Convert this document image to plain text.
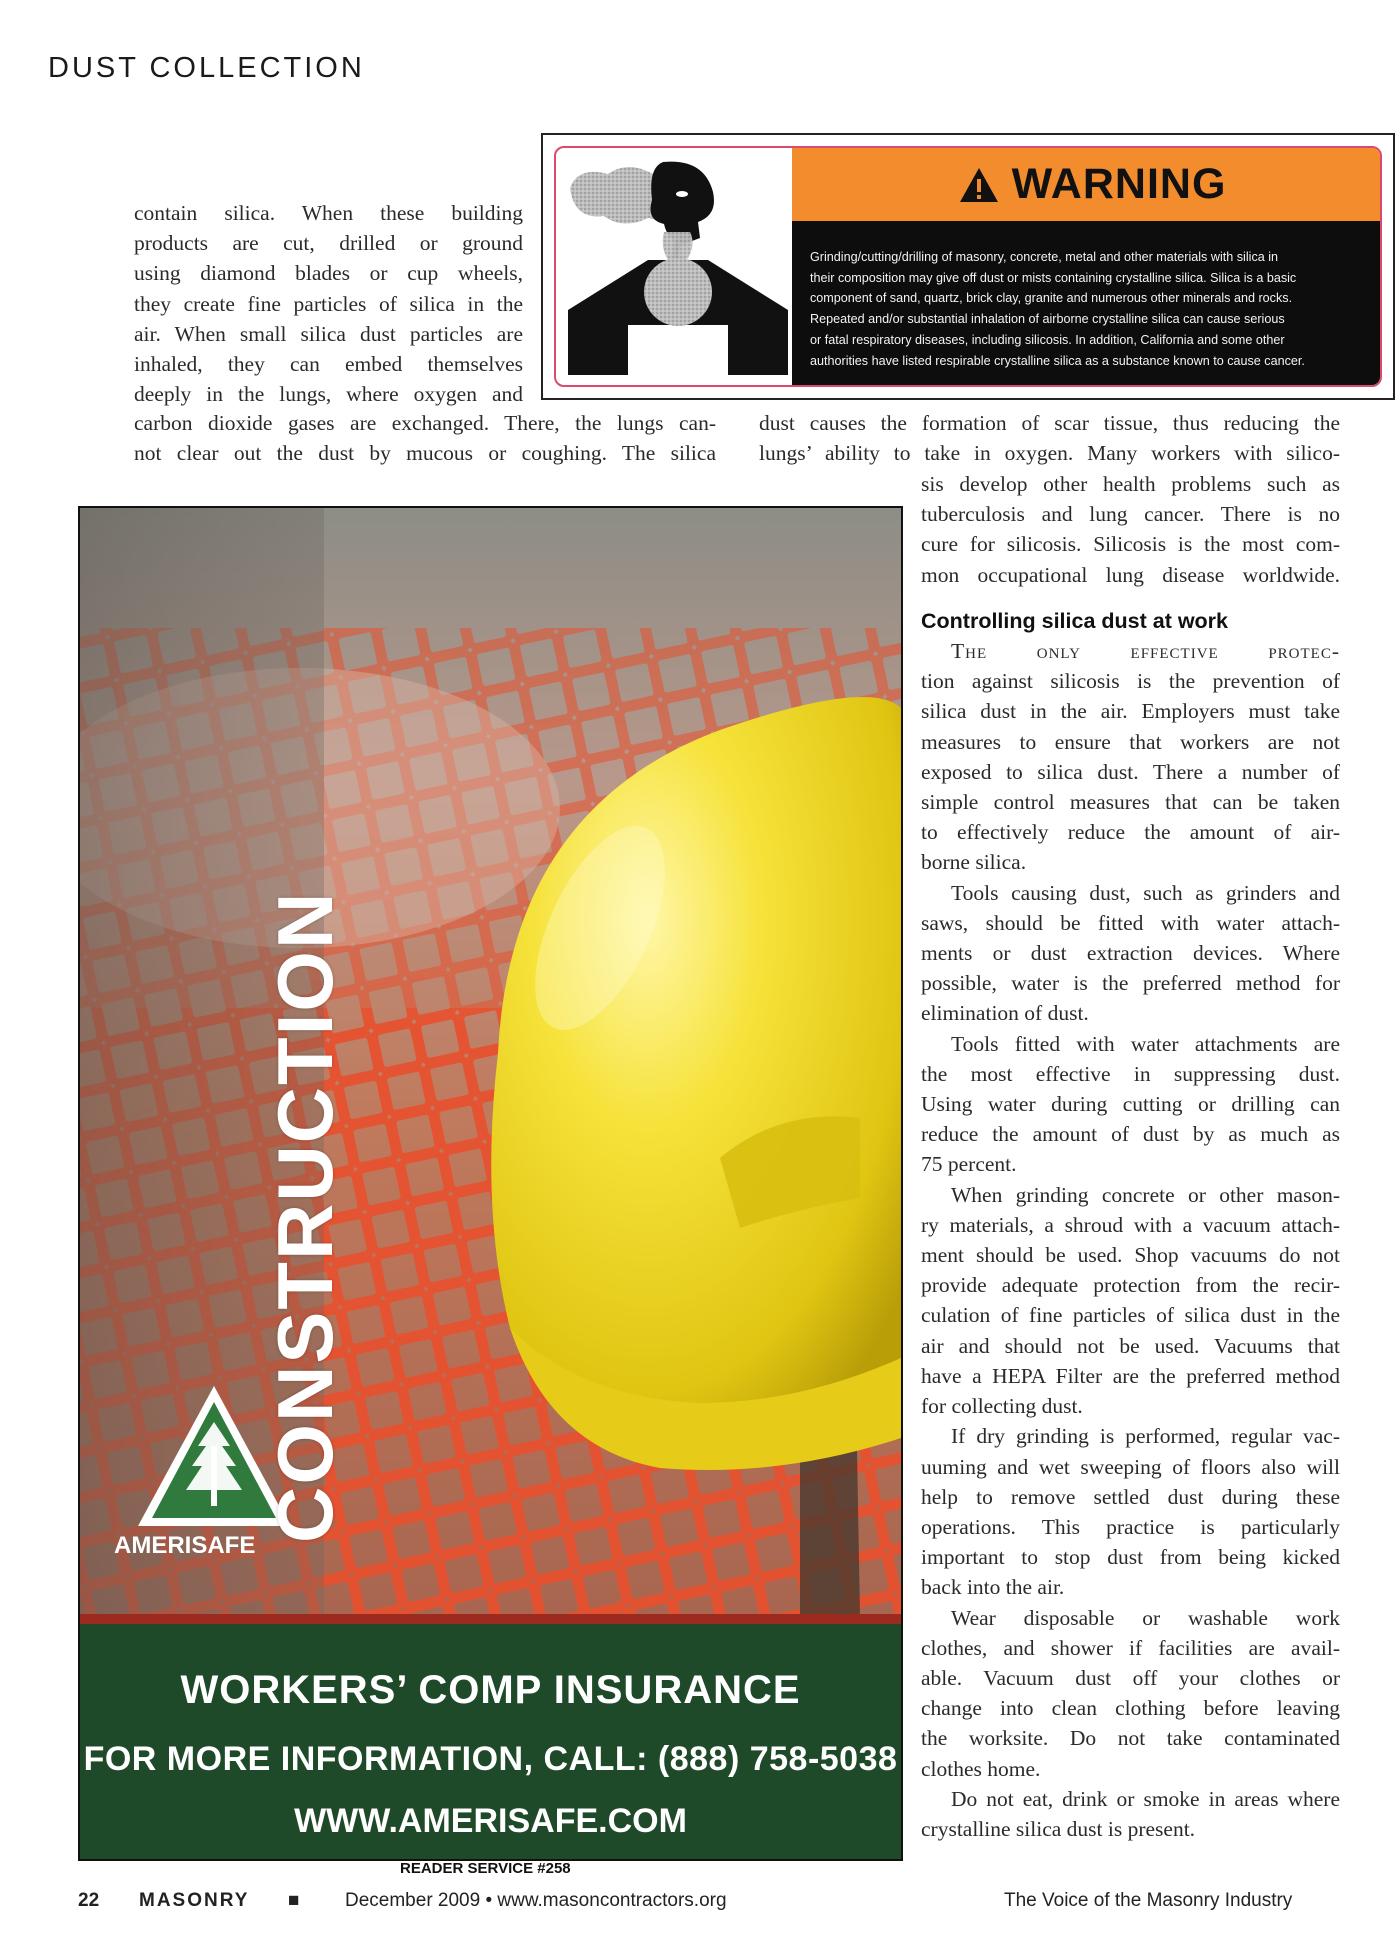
DUST COLLECTION
WARNING
Grinding/cutting/drilling of masonry, concrete, metal and other materials with silica in
their composition may give off dust or mists containing crystalline silica. Silica is a basic
component of sand, quartz, brick clay, granite and numerous other minerals and rocks.
Repeated and/or substantial inhalation of airborne crystalline silica can cause serious
or fatal respiratory diseases, including silicosis. In addition, California and some other
authorities have listed respirable crystalline silica as a substance known to cause cancer.
contain silica. When these building
products are cut, drilled or ground
using diamond blades or cup wheels,
they create fine particles of silica in the
air. When small silica dust particles are
inhaled, they can embed themselves
deeply in the lungs, where oxygen and
carbon dioxide gases are exchanged. There, the lungs can-
not clear out the dust by mucous or coughing. The silica
dust causes the formation of scar tissue, thus reducing the
lungs’ ability to take in oxygen. Many workers with silico-
sis develop other health problems such as
tuberculosis and lung cancer. There is no
cure for silicosis. Silicosis is the most com-
mon occupational lung disease worldwide.
Controlling silica dust at work
The only effective protec-
tion against silicosis is the prevention of
silica dust in the air. Employers must take
measures to ensure that workers are not
exposed to silica dust. There a number of
simple control measures that can be taken
to effectively reduce the amount of air-
borne silica.
Tools causing dust, such as grinders and
saws, should be fitted with water attach-
ments or dust extraction devices. Where
possible, water is the preferred method for
elimination of dust.
Tools fitted with water attachments are
the most effective in suppressing dust.
Using water during cutting or drilling can
reduce the amount of dust by as much as
75 percent.
When grinding concrete or other mason-
ry materials, a shroud with a vacuum attach-
ment should be used. Shop vacuums do not
provide adequate protection from the recir-
culation of fine particles of silica dust in the
air and should not be used. Vacuums that
have a HEPA Filter are the preferred method
for collecting dust.
If dry grinding is performed, regular vac-
uuming and wet sweeping of floors also will
help to remove settled dust during these
operations. This practice is particularly
important to stop dust from being kicked
back into the air.
Wear disposable or washable work
clothes, and shower if facilities are avail-
able. Vacuum dust off your clothes or
change into clean clothing before leaving
the worksite. Do not take contaminated
clothes home.
Do not eat, drink or smoke in areas where
crystalline silica dust is present.
CONSTRUCTION
AMERISAFE
WORKERS’ COMP INSURANCE
FOR MORE INFORMATION, CALL: (888) 758-5038
WWW.AMERISAFE.COM
READER SERVICE #258
22 MASONRY ■ December 2009 • www.masoncontractors.org	The Voice of the Masonry Industry
